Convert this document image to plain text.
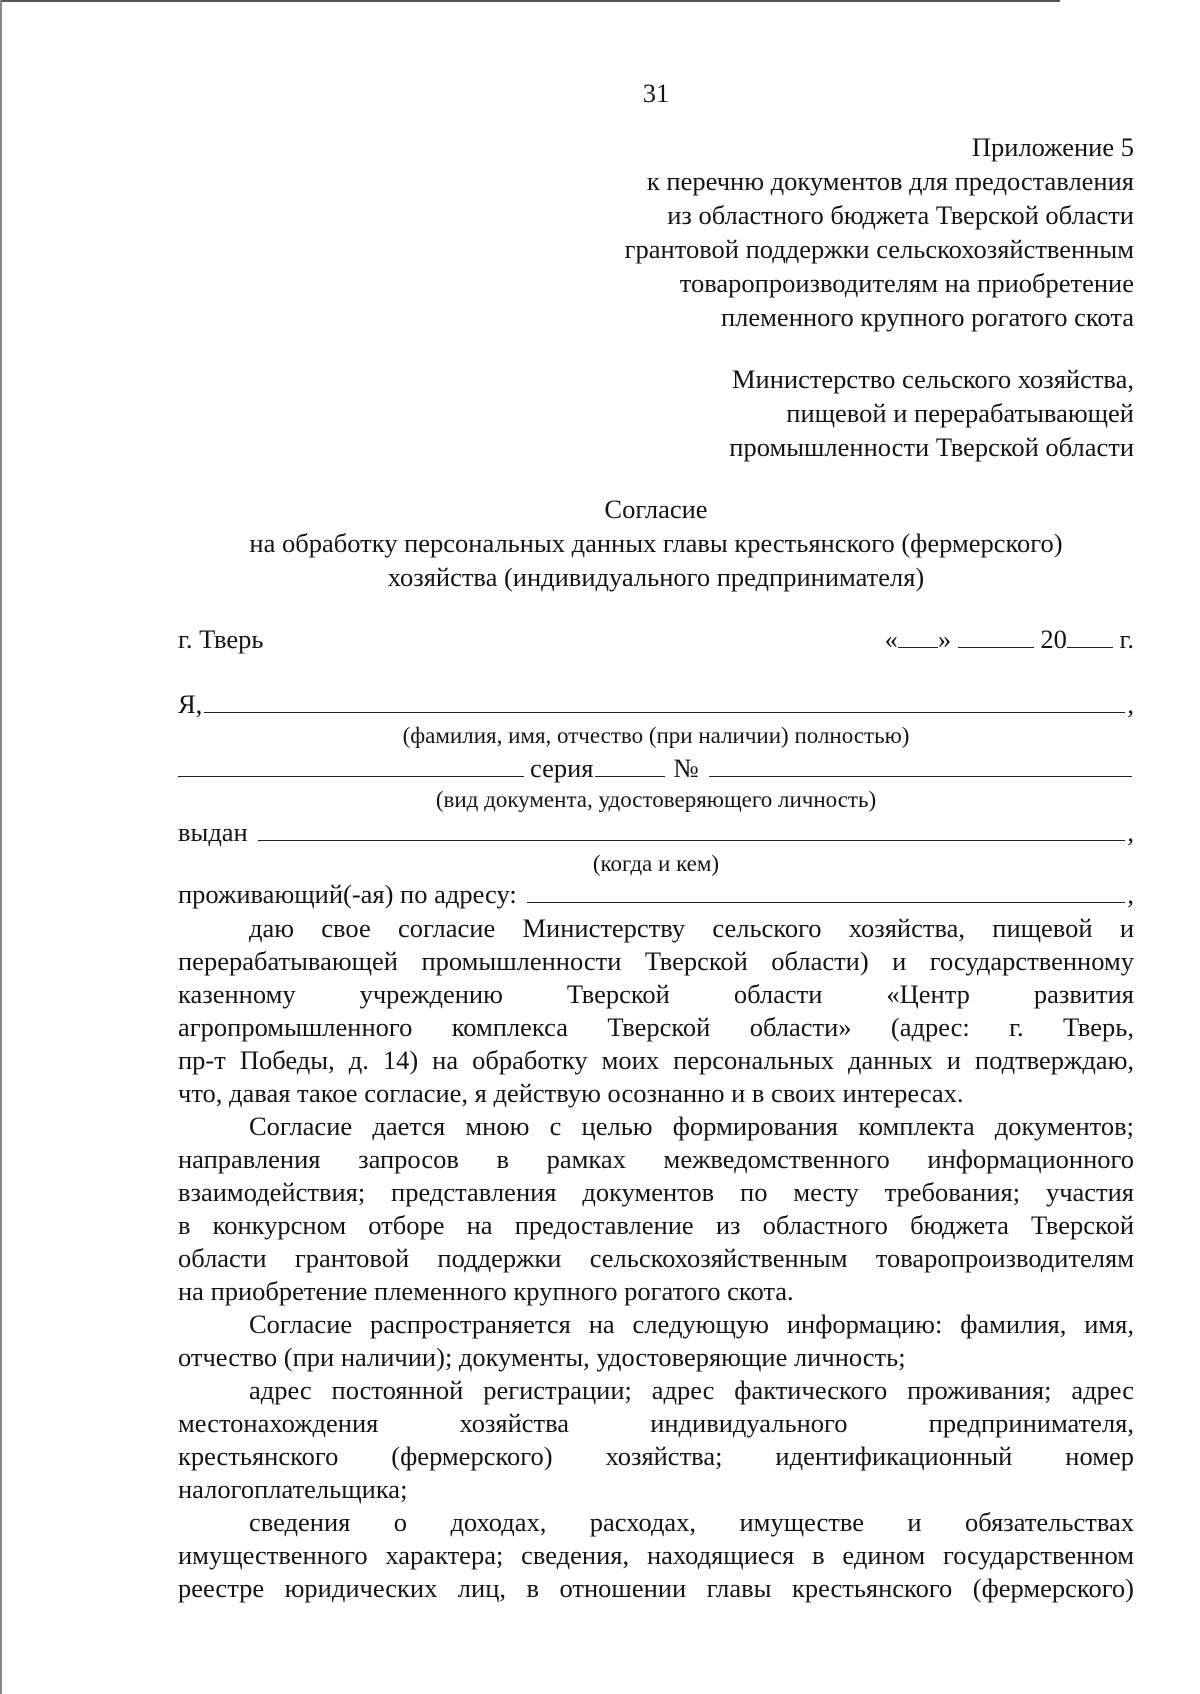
31
Приложение 5
к перечню документов для предоставления
из областного бюджета Тверской области
грантовой поддержки сельскохозяйственным
товаропроизводителям на приобретение
племенного крупного рогатого скота
Министерство сельского хозяйства,
пищевой и перерабатывающей
промышленности Тверской области
Согласие
на обработку персональных данных главы крестьянского (фермерского)
хозяйства (индивидуального предпринимателя)
г. Тверь	« »	20 г.
Я,	,
(фамилия, имя, отчество (при наличии) полностью)
серия	№
(вид документа, удостоверяющего личность)
выдан	,
(когда и кем)
проживающий(-ая) по адресу:	,
даю свое согласие Министерству сельского хозяйства, пищевой и
перерабатывающей промышленности Тверской области) и государственному
казенному учреждению Тверской области «Центр развития
агропромышленного комплекса Тверской области» (адрес: г. Тверь,
пр-т Победы, д. 14) на обработку моих персональных данных и подтверждаю,
что, давая такое согласие, я действую осознанно и в своих интересах.
Согласие дается мною с целью формирования комплекта документов;
направления запросов в рамках межведомственного информационного
взаимодействия; представления документов по месту требования; участия
в конкурсном отборе на предоставление из областного бюджета Тверской
области грантовой поддержки сельскохозяйственным товаропроизводителям
на приобретение племенного крупного рогатого скота.
Согласие распространяется на следующую информацию: фамилия, имя,
отчество (при наличии); документы, удостоверяющие личность;
адрес постоянной регистрации; адрес фактического проживания; адрес
местонахождения хозяйства индивидуального предпринимателя,
крестьянского (фермерского) хозяйства; идентификационный номер
налогоплательщика;
сведения о доходах, расходах, имуществе и обязательствах
имущественного характера; сведения, находящиеся в едином государственном
реестре юридических лиц, в отношении главы крестьянского (фермерского)
